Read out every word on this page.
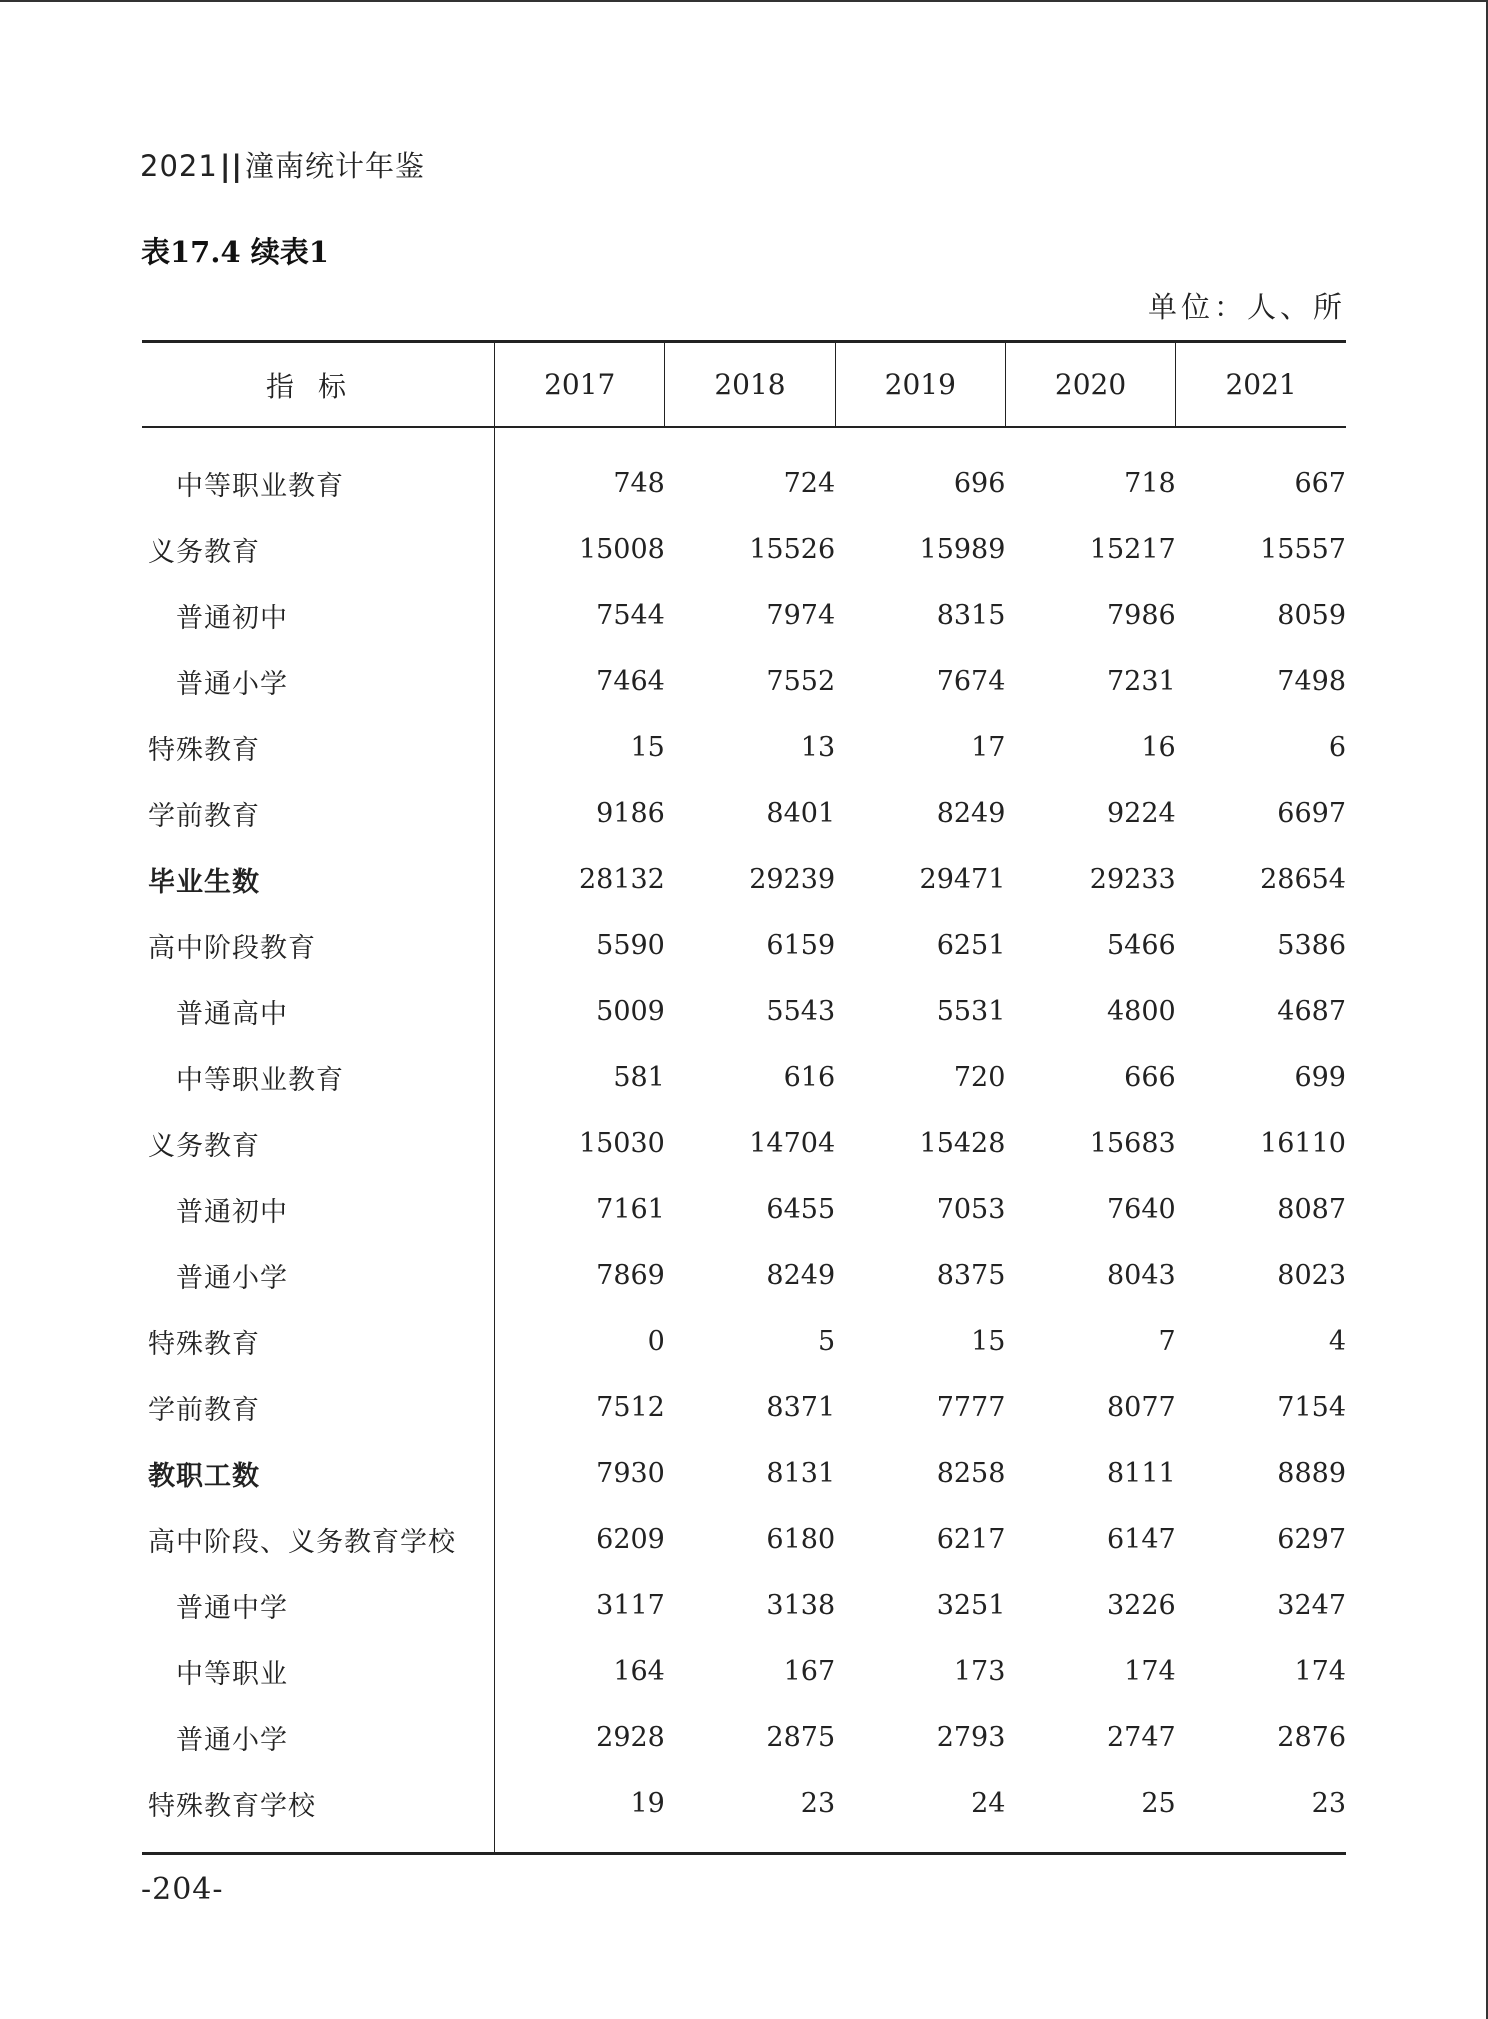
2021||潼南统计年鉴
表17.4 续表1
单位：人、所
指标	2017	2018	2019	2020	2021
中等职业教育	748	724	696	718	667
义务教育	15008	15526	15989	15217	15557
普通初中	7544	7974	8315	7986	8059
普通小学	7464	7552	7674	7231	7498
特殊教育	15	13	17	16	6
学前教育	9186	8401	8249	9224	6697
毕业生数	28132	29239	29471	29233	28654
高中阶段教育	5590	6159	6251	5466	5386
普通高中	5009	5543	5531	4800	4687
中等职业教育	581	616	720	666	699
义务教育	15030	14704	15428	15683	16110
普通初中	7161	6455	7053	7640	8087
普通小学	7869	8249	8375	8043	8023
特殊教育	0	5	15	7	4
学前教育	7512	8371	7777	8077	7154
教职工数	7930	8131	8258	8111	8889
高中阶段、义务教育学校	6209	6180	6217	6147	6297
普通中学	3117	3138	3251	3226	3247
中等职业	164	167	173	174	174
普通小学	2928	2875	2793	2747	2876
特殊教育学校	19	23	24	25	23
-204-
